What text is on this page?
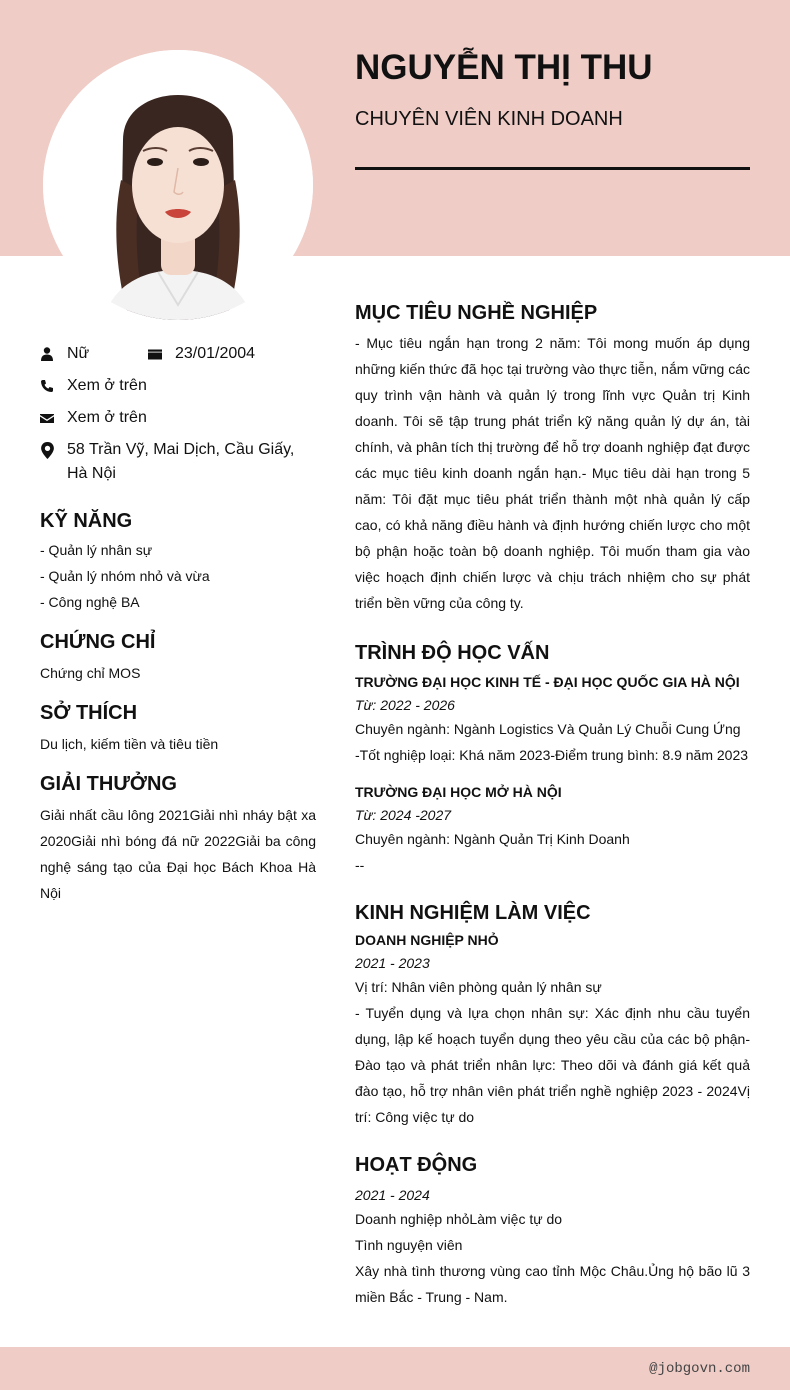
NGUYỄN THỊ THU
CHUYÊN VIÊN KINH DOANH
Nữ	23/01/2004
Xem ở trên
Xem ở trên
58 Trần Vỹ, Mai Dịch, Cầu Giấy, Hà Nội
KỸ NĂNG
- Quản lý nhân sự
- Quản lý nhóm nhỏ và vừa
- Công nghệ BA
CHỨNG CHỈ
Chứng chỉ MOS
SỞ THÍCH
Du lịch, kiếm tiền và tiêu tiền
GIẢI THƯỞNG
Giải nhất cầu lông 2021Giải nhì nháy bật xa 2020Giải nhì bóng đá nữ 2022Giải ba công nghệ sáng tạo của Đại học Bách Khoa Hà Nội
MỤC TIÊU NGHỀ NGHIỆP
- Mục tiêu ngắn hạn trong 2 năm: Tôi mong muốn áp dụng những kiến thức đã học tại trường vào thực tiễn, nắm vững các quy trình vận hành và quản lý trong lĩnh vực Quản trị Kinh doanh. Tôi sẽ tập trung phát triển kỹ năng quản lý dự án, tài chính, và phân tích thị trường để hỗ trợ doanh nghiệp đạt được các mục tiêu kinh doanh ngắn hạn.- Mục tiêu dài hạn trong 5 năm: Tôi đặt mục tiêu phát triển thành một nhà quản lý cấp cao, có khả năng điều hành và định hướng chiến lược cho một bộ phận hoặc toàn bộ doanh nghiệp. Tôi muốn tham gia vào việc hoạch định chiến lược và chịu trách nhiệm cho sự phát triển bền vững của công ty.
TRÌNH ĐỘ HỌC VẤN
TRƯỜNG ĐẠI HỌC KINH TẾ - ĐẠI HỌC QUỐC GIA HÀ NỘI
Từ: 2022 - 2026
Chuyên ngành: Ngành Logistics Và Quản Lý Chuỗi Cung Ứng
-Tốt nghiệp loại: Khá năm 2023-Điểm trung bình: 8.9 năm 2023
TRƯỜNG ĐẠI HỌC MỞ HÀ NỘI
Từ: 2024 -2027
Chuyên ngành: Ngành Quản Trị Kinh Doanh
--
KINH NGHIỆM LÀM VIỆC
DOANH NGHIỆP NHỎ
2021 - 2023
Vị trí: Nhân viên phòng quản lý nhân sự
- Tuyển dụng và lựa chọn nhân sự: Xác định nhu cầu tuyển dụng, lập kế hoạch tuyển dụng theo yêu cầu của các bộ phận-Đào tạo và phát triển nhân lực: Theo dõi và đánh giá kết quả đào tạo, hỗ trợ nhân viên phát triển nghề nghiệp 2023 - 2024Vị trí: Công việc tự do
HOẠT ĐỘNG
2021 - 2024
Doanh nghiệp nhỏLàm việc tự do
Tình nguyện viên
Xây nhà tình thương vùng cao tỉnh Mộc Châu.Ủng hộ bão lũ 3 miền Bắc - Trung - Nam.
@jobgovn.com
